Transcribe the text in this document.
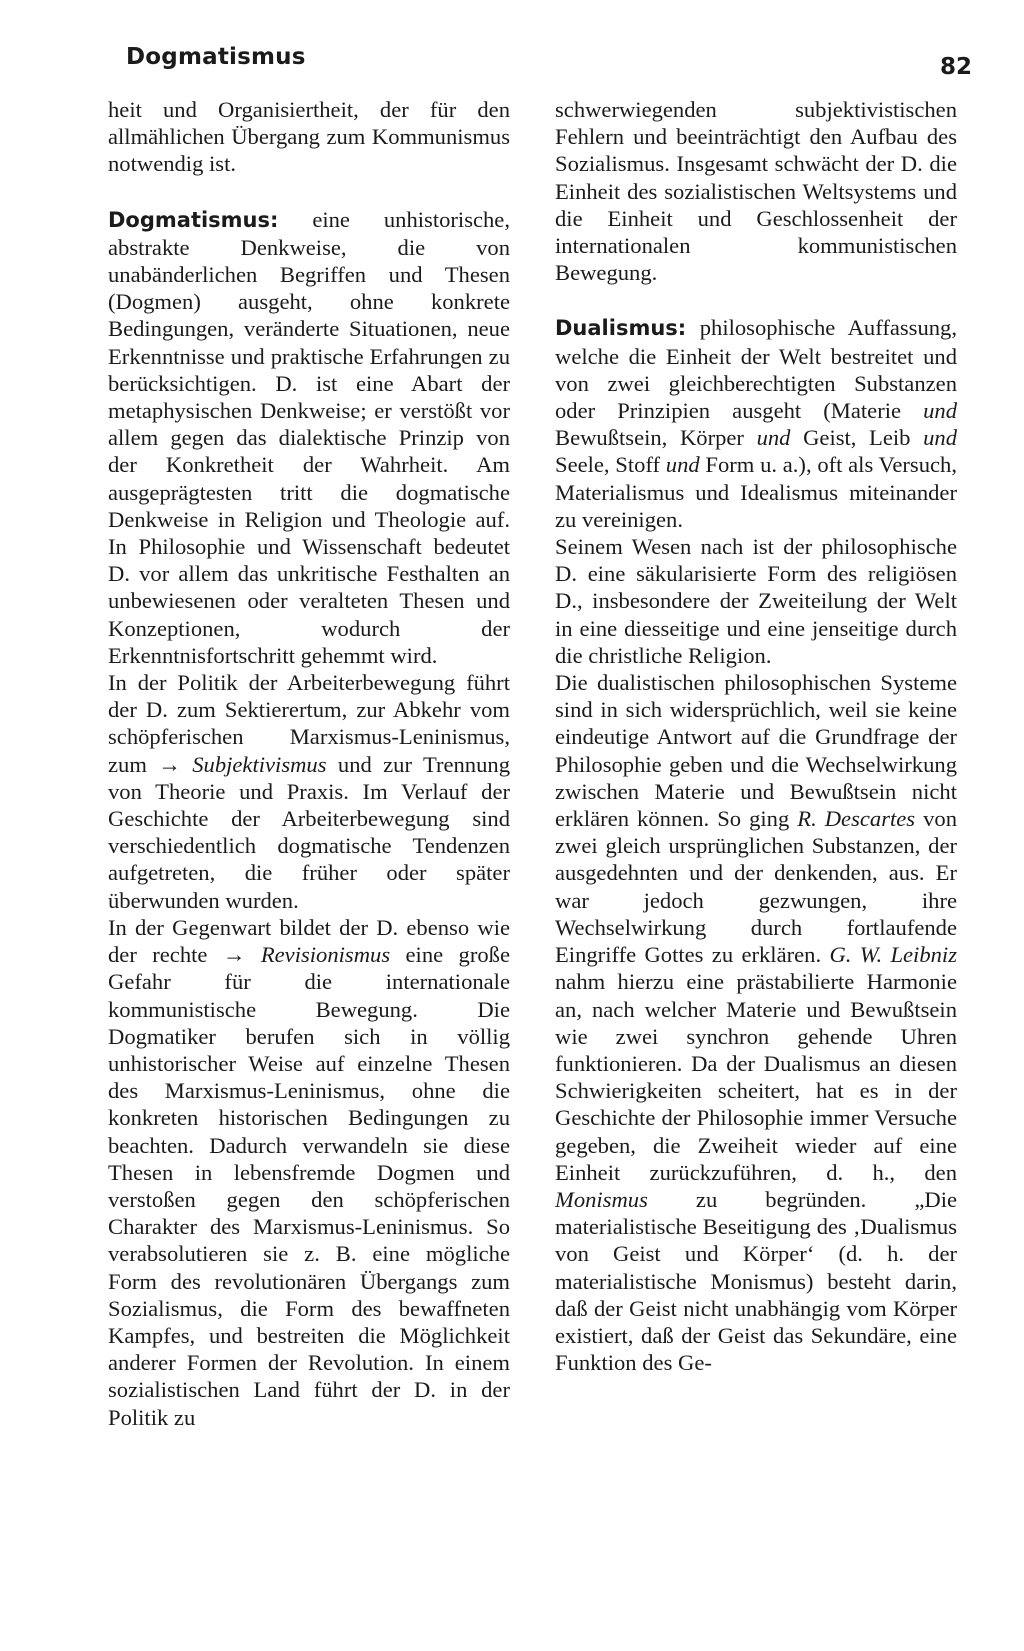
Dogmatismus	82

heit und Organisiertheit, der für den allmählichen Übergang zum Kommunismus notwendig ist.

Dogmatismus: eine unhistorische, abstrakte Denkweise, die von unabänderlichen Begriffen und Thesen (Dogmen) ausgeht, ohne konkrete Bedingungen, veränderte Situationen, neue Erkenntnisse und praktische Erfahrungen zu berücksichtigen. D. ist eine Abart der metaphysischen Denkweise; er verstößt vor allem gegen das dialektische Prinzip von der Konkretheit der Wahrheit. Am ausgeprägtesten tritt die dogmatische Denkweise in Religion und Theologie auf. In Philosophie und Wissenschaft bedeutet D. vor allem das unkritische Festhalten an unbewiesenen oder veralteten Thesen und Konzeptionen, wodurch der Erkenntnisfortschritt gehemmt wird.

In der Politik der Arbeiterbewegung führt der D. zum Sektierertum, zur Abkehr vom schöpferischen Marxismus-Leninismus, zum → Subjektivismus und zur Trennung von Theorie und Praxis. Im Verlauf der Geschichte der Arbeiterbewegung sind verschiedentlich dogmatische Tendenzen aufgetreten, die früher oder später überwunden wurden.

In der Gegenwart bildet der D. ebenso wie der rechte → Revisionismus eine große Gefahr für die internationale kommunistische Bewegung. Die Dogmatiker berufen sich in völlig unhistorischer Weise auf einzelne Thesen des Marxismus-Leninismus, ohne die konkreten historischen Bedingungen zu beachten. Dadurch verwandeln sie diese Thesen in lebensfremde Dogmen und verstoßen gegen den schöpferischen Charakter des Marxismus-Leninismus. So verabsolutieren sie z. B. eine mögliche Form des revolutionären Übergangs zum Sozialismus, die Form des bewaffneten Kampfes, und bestreiten die Möglichkeit anderer Formen der Revolution. In einem sozialistischen Land führt der D. in der Politik zu

schwerwiegenden subjektivistischen Fehlern und beeinträchtigt den Aufbau des Sozialismus. Insgesamt schwächt der D. die Einheit des sozialistischen Weltsystems und die Einheit und Geschlossenheit der internationalen kommunistischen Bewegung.

Dualismus: philosophische Auffassung, welche die Einheit der Welt bestreitet und von zwei gleichberechtigten Substanzen oder Prinzipien ausgeht (Materie und Bewußtsein, Körper und Geist, Leib und Seele, Stoff und Form u. a.), oft als Versuch, Materialismus und Idealismus miteinander zu vereinigen.

Seinem Wesen nach ist der philosophische D. eine säkularisierte Form des religiösen D., insbesondere der Zweiteilung der Welt in eine diesseitige und eine jenseitige durch die christliche Religion.

Die dualistischen philosophischen Systeme sind in sich widersprüchlich, weil sie keine eindeutige Antwort auf die Grundfrage der Philosophie geben und die Wechselwirkung zwischen Materie und Bewußtsein nicht erklären können. So ging R. Descartes von zwei gleich ursprünglichen Substanzen, der ausgedehnten und der denkenden, aus. Er war jedoch gezwungen, ihre Wechselwirkung durch fortlaufende Eingriffe Gottes zu erklären. G. W. Leibniz nahm hierzu eine prästabilierte Harmonie an, nach welcher Materie und Bewußtsein wie zwei synchron gehende Uhren funktionieren. Da der Dualismus an diesen Schwierigkeiten scheitert, hat es in der Geschichte der Philosophie immer Versuche gegeben, die Zweiheit wieder auf eine Einheit zurückzuführen, d. h., den Monismus zu begründen. „Die materialistische Beseitigung des ‚Dualismus von Geist und Körper‘ (d. h. der materialistische Monismus) besteht darin, daß der Geist nicht unabhängig vom Körper existiert, daß der Geist das Sekundäre, eine Funktion des Ge-
